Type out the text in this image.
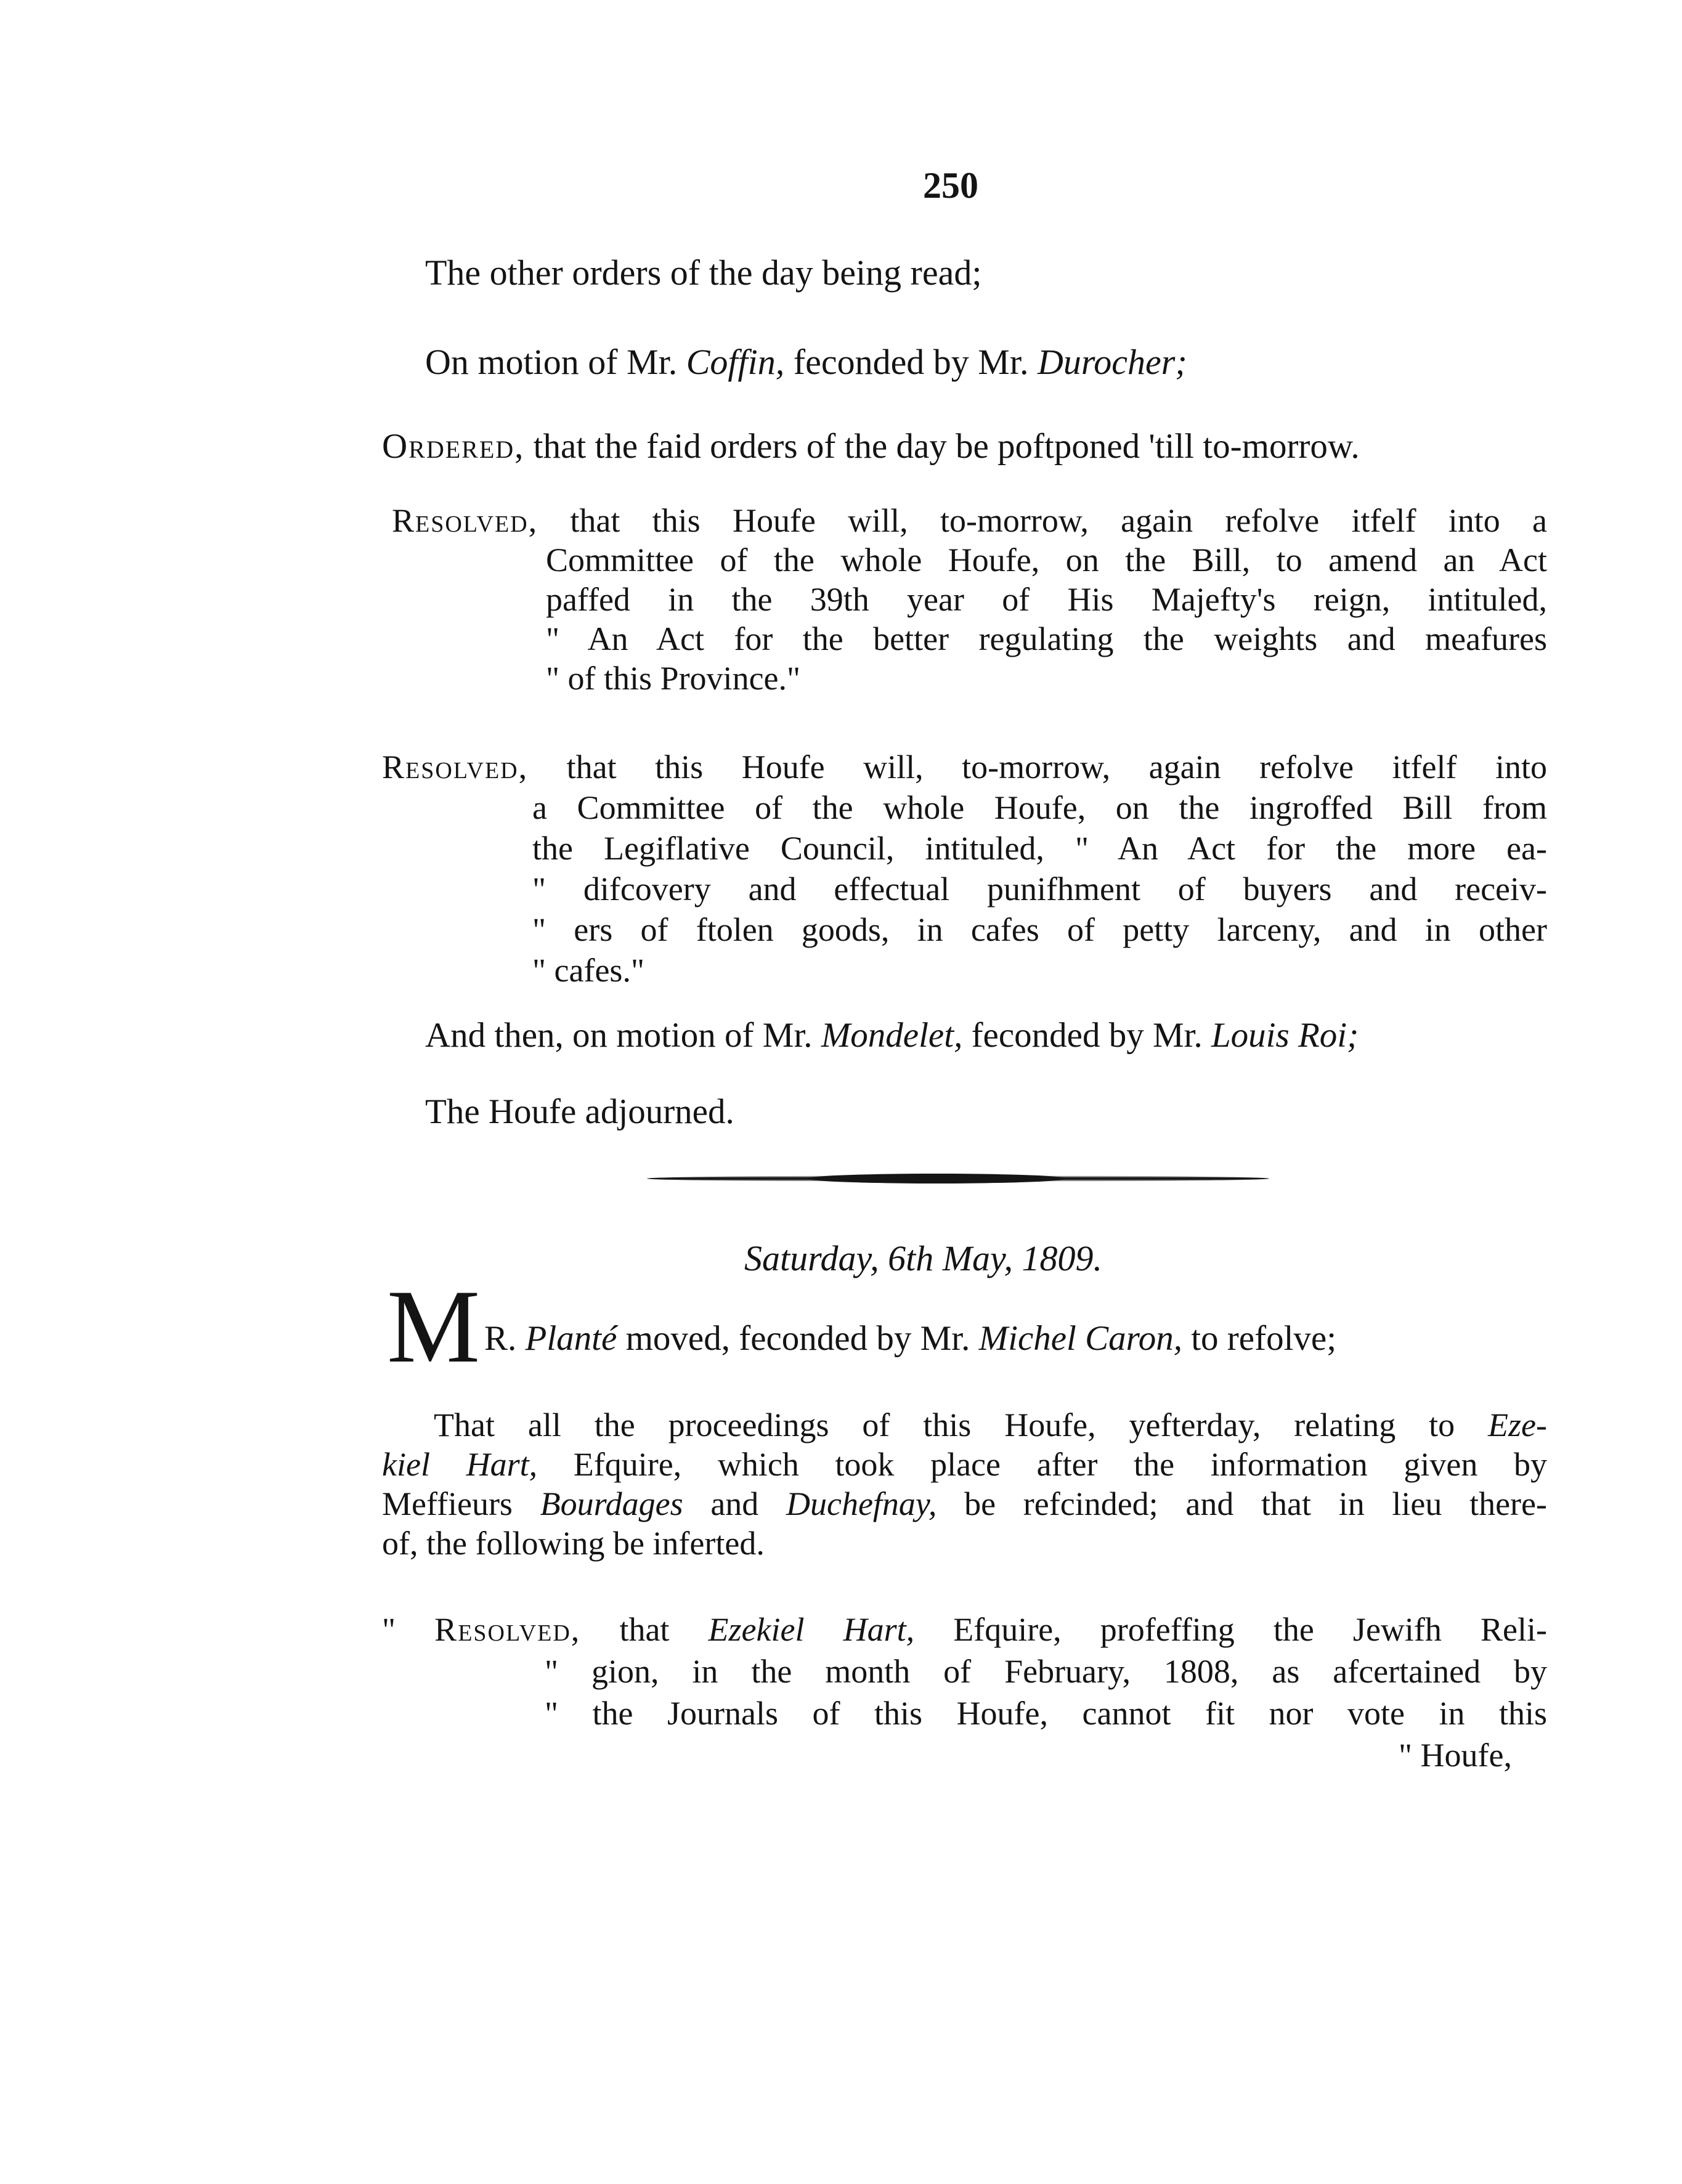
250
The other orders of the day being read;
On motion of Mr. Coffin, feconded by Mr. Durocher;
Ordered, that the faid orders of the day be poftponed 'till to-morrow.
Resolved, that this Houfe will, to-morrow, again refolve itfelf into a
Committee of the whole Houfe, on the Bill, to amend an Act
paffed in the 39th year of His Majefty's reign, intituled,
" An Act for the better regulating the weights and meafures
" of this Province."
Resolved, that this Houfe will, to-morrow, again refolve itfelf into
a Committee of the whole Houfe, on the ingroffed Bill from
the Legiflative Council, intituled, " An Act for the more ea-
" difcovery and effectual punifhment of buyers and receiv-
" ers of ftolen goods, in cafes of petty larceny, and in other
" cafes."
And then, on motion of Mr. Mondelet, feconded by Mr. Louis Roi;
The Houfe adjourned.
Saturday, 6th May, 1809.
M R. Planté moved, feconded by Mr. Michel Caron, to refolve;
That all the proceedings of this Houfe, yefterday, relating to Eze-
kiel Hart, Efquire, which took place after the information given by
Meffieurs Bourdages and Duchefnay, be refcinded; and that in lieu there-
of, the following be inferted.
" Resolved, that Ezekiel Hart, Efquire, profeffing the Jewifh Reli-
" gion, in the month of February, 1808, as afcertained by
" the Journals of this Houfe, cannot fit nor vote in this
" Houfe,
